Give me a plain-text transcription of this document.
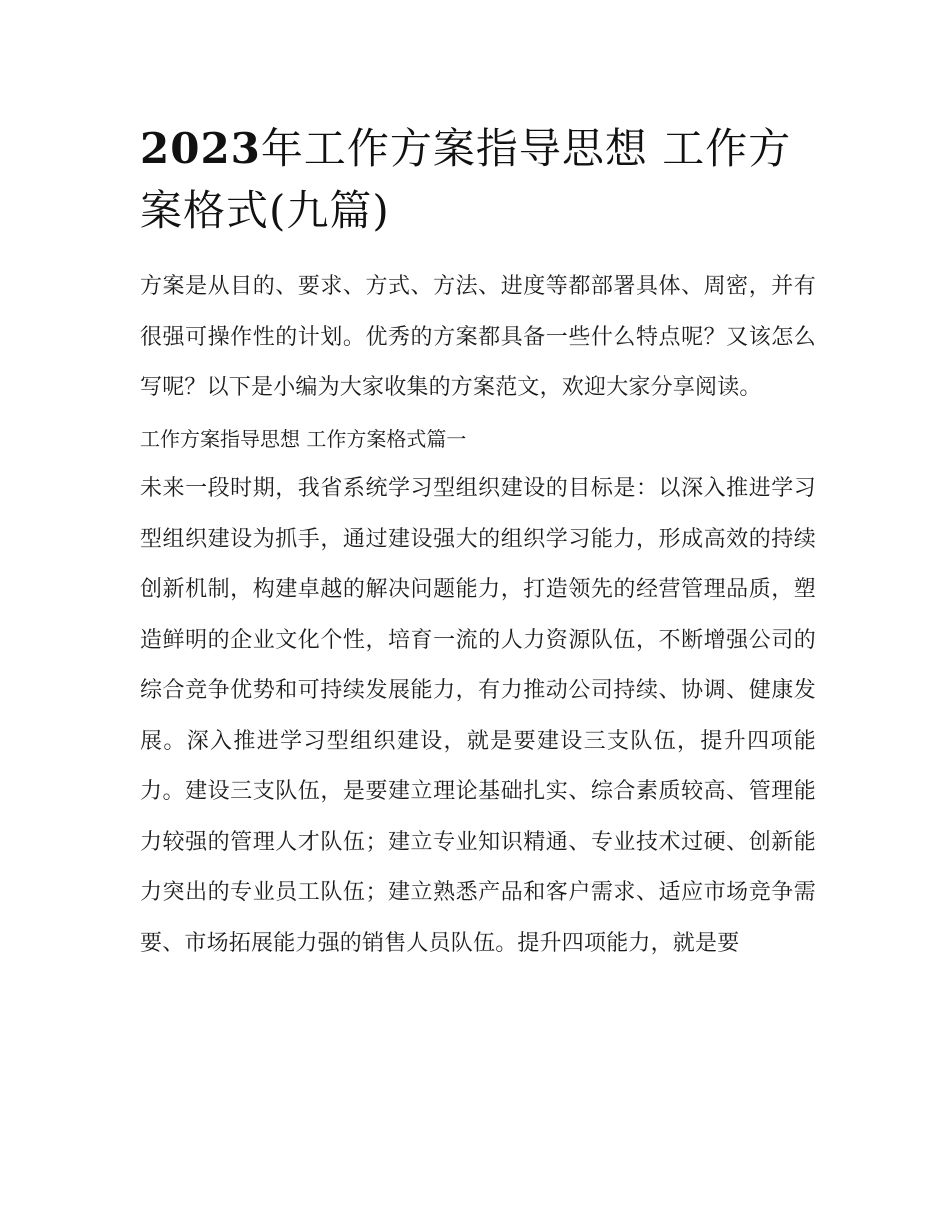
2023年工作方案指导思想 工作方案格式(九篇)

方案是从目的、要求、方式、方法、进度等都部署具体、周密，并有很强可操作性的计划。优秀的方案都具备一些什么特点呢？又该怎么写呢？以下是小编为大家收集的方案范文，欢迎大家分享阅读。

工作方案指导思想 工作方案格式篇一

未来一段时期，我省系统学习型组织建设的目标是：以深入推进学习型组织建设为抓手，通过建设强大的组织学习能力，形成高效的持续创新机制，构建卓越的解决问题能力，打造领先的经营管理品质，塑造鲜明的企业文化个性，培育一流的人力资源队伍，不断增强公司的综合竞争优势和可持续发展能力，有力推动公司持续、协调、健康发展。深入推进学习型组织建设，就是要建设三支队伍，提升四项能力。建设三支队伍，是要建立理论基础扎实、综合素质较高、管理能力较强的管理人才队伍；建立专业知识精通、专业技术过硬、创新能力突出的专业员工队伍；建立熟悉产品和客户需求、适应市场竞争需要、市场拓展能力强的销售人员队伍。提升四项能力，就是要
